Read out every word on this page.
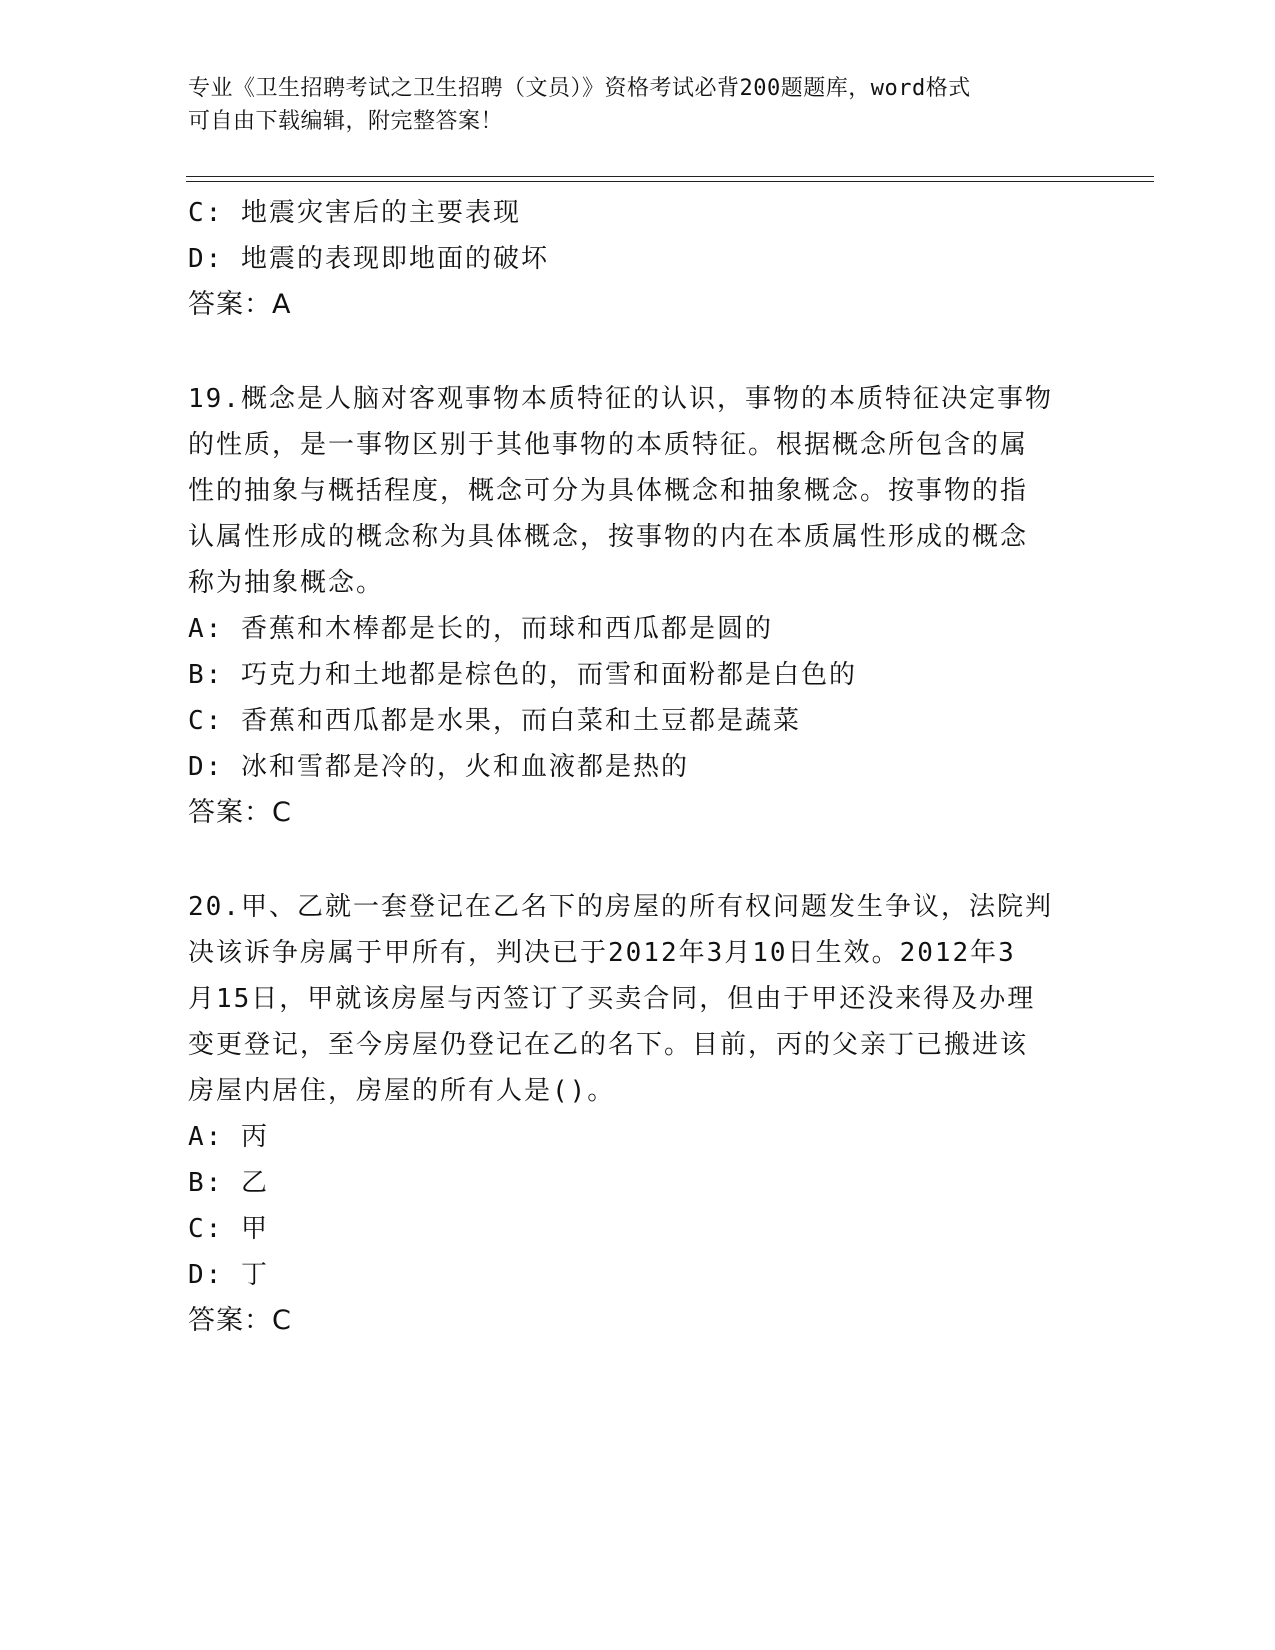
专业《卫生招聘考试之卫生招聘（文员）》资格考试必背200题题库，word格式
可自由下载编辑，附完整答案！
C: 地震灾害后的主要表现
D: 地震的表现即地面的破坏
答案：A
19.概念是人脑对客观事物本质特征的认识，事物的本质特征决定事物
的性质，是一事物区别于其他事物的本质特征。根据概念所包含的属
性的抽象与概括程度，概念可分为具体概念和抽象概念。按事物的指
认属性形成的概念称为具体概念，按事物的内在本质属性形成的概念
称为抽象概念。
A: 香蕉和木棒都是长的，而球和西瓜都是圆的
B: 巧克力和土地都是棕色的，而雪和面粉都是白色的
C: 香蕉和西瓜都是水果，而白菜和土豆都是蔬菜
D: 冰和雪都是冷的，火和血液都是热的
答案：C
20.甲、乙就一套登记在乙名下的房屋的所有权问题发生争议，法院判
决该诉争房属于甲所有，判决已于2012年3月10日生效。2012年3
月15日，甲就该房屋与丙签订了买卖合同，但由于甲还没来得及办理
变更登记，至今房屋仍登记在乙的名下。目前，丙的父亲丁已搬进该
房屋内居住，房屋的所有人是()。
A: 丙
B: 乙
C: 甲
D: 丁
答案：C
